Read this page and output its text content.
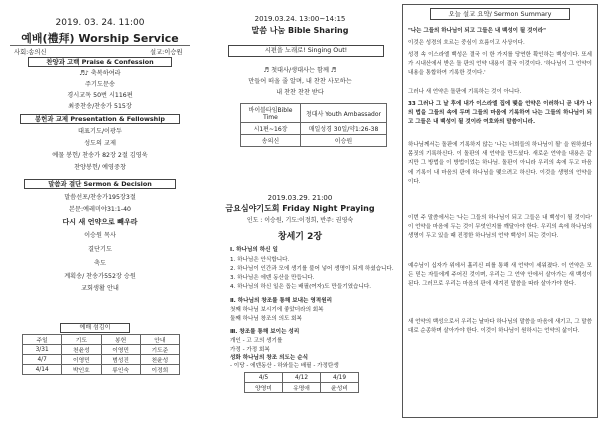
2019. 03. 24. 11:00
예배(禮拜) Worship Service
사회:송의신	설교:이승원
찬양과 고백 Praise & Confession
♬♪ 축복하여라
주기도문송
경시교독 50번 시116편
최중찬송/찬송가 515장
봉헌과 교제 Presentation & Fellowship
대표기도/이광두
성도의 교제
예물 봉헌/ 찬송가 82장 2절 김영욱
찬양봉헌/ 예영중창
말씀과 결단 Sermon & Decision
말씀선포/찬송가195장3절
본문:예레미야31:1-40
다시 새 언약으로 빼우라
이승원 목사
결단기도
축도
계획송/ 찬송가552장 승원
교회생활 안내
예배 섬김이
주일	기도	봉헌	안내
3/31	천윤성	이영민	기도준
4/7	이영민	범성진	천윤성
4/14	박인호	류인숙	이정희
2019.03.24. 13:00~14:15
말씀 나눔 Bible Sharing
시편을 노래로! Singing Out!
♬ 첫대사/생대사는 함께 ♬
만들어 떠올 줄 알며, 내 찬찬 사모하는
내 찬찬 찬찬 받다
바이블타임Bible Time	청대사 Youth Ambassador
시1편~16장	매일성경 30일/약1:26-38
송의신	이승원
2019.03.29. 21:00
금요심야기도회 Friday Night Praying
인도 : 이승원, 기도:이정희, 반주: 권영숙
창세기 2장
Ⅰ. 하나님의 하신 일
1. 하나님은 안식합니다.
2. 하나님이 인간과 모에 생기를 불어 넣어 생명이 되게 하셨습니다.
3. 하나님은 에덴 동산을 만듭니다.
4. 하나님의 하신 일은 돕는 배필(여자)도 만들기였습니다.
Ⅱ. 하나님의 창조를 통해 보내는 영적원리
첫째 하나님 보시기에 좋았더라의 회복
둘째 하나님 창조의 의도 회복
Ⅲ. 창조를 통해 보이는 성리
개인 - 고 고의 생기를
가정 - 가정 회복
성화 하나님의 창조 의도는 순식
- 이당 - 에덴동산 - 하와들는 배필 - 가정탄생
4/5	4/12	4/19
양영미	유명애	윤성비
오늘 설교 요약/ Sermon Summary
"나는 그들의 하나님이 되고 그들은 내 백성이 될 것이라"
이것은 성경의 흐르는 중심이 흐름이고 사상이다.
성경 속 이스라엘 백성은 결국 이 한 가지를 당연한 확인하는 백성이다. 또세가 시내산에서 받은 돌 판의 언약 내용이 결국 이것이다. '하나님이 그 언약이 내용을 통합하여 기록한 것이다.'
그러나 새 언약은 돌판에 기록하는 것이 아니다.
33 그러나 그 날 후에 내가 이스라엘 집에 맺을 언약은 이러하니 곧 내가 나의 법을 그들의 속에 두며 그들의 마음에 기록하여 나는 그들의 하나님이 되고 그들은 내 백성이 될 것이라 여호와의 말씀이니라.
하나님께서는 돌판에 기록하지 않는 '나는 너희들의 하나님이 될' 을 원하셨다 몸짓의 기록하신다. 이 돌판의 새 언약을 만드셨다. 새로운 언약을 내용은 같지만 그 방법을 이 방법이었는 하나님. 돌판이 아니라 우리의 속에 두고 마음에 기록이 내 마음의 판에 하나님을 맺으려고 하신다. 이것을 생명의 언약을 이다.
이번 주 말씀에서는 '나는 그들의 하나님이 되고 그들은 내 백성이 될 것이다' 이 언약을 마음에 두는 것이 무엇인지를 깨달아야 한다. 우리의 속에 하나님의 생명이 두고 있을 때 진정한 하나님의 언약 백성이 되는 것이다.
예수님이 십자가 위에서 흘리신 피를 통해 새 언약이 세워졌다. 이 언약은 모든 믿는 자들에게 주어진 것이며, 우리는 그 언약 안에서 살아가는 새 백성이 된다. 그러므로 우리는 마음의 판에 새겨진 말씀을 따라 살아가야 한다.
새 언약의 백성으로서 우리는 날마다 하나님의 말씀을 마음에 새기고, 그 말씀대로 순종하며 살아가야 한다. 이것이 하나님이 원하시는 언약의 삶이다.
